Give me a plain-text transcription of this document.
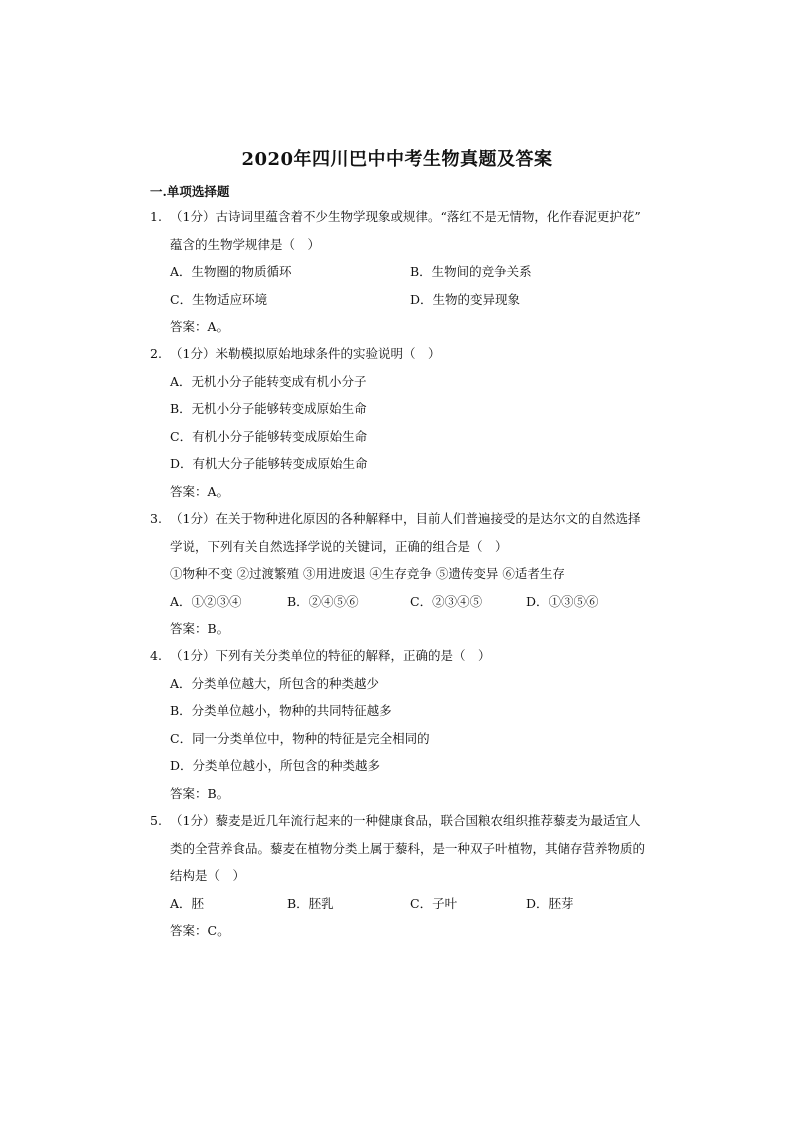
2020年四川巴中中考生物真题及答案
一.单项选择题
1. （1分）古诗词里蕴含着不少生物学现象或规律。“落红不是无情物，化作春泥更护花”
蕴含的生物学规律是（　）
A．生物圈的物质循环	B．生物间的竞争关系
C．生物适应环境	D．生物的变异现象
答案：A。
2. （1分）米勒模拟原始地球条件的实验说明（　）
A．无机小分子能转变成有机小分子
B．无机小分子能够转变成原始生命
C．有机小分子能够转变成原始生命
D．有机大分子能够转变成原始生命
答案：A。
3. （1分）在关于物种进化原因的各种解释中，目前人们普遍接受的是达尔文的自然选择
学说，下列有关自然选择学说的关键词，正确的组合是（　）
①物种不变 ②过渡繁殖 ③用进废退 ④生存竞争 ⑤遗传变异 ⑥适者生存
A．①②③④	B．②④⑤⑥	C．②③④⑤	D．①③⑤⑥
答案：B。
4. （1分）下列有关分类单位的特征的解释，正确的是（　）
A．分类单位越大，所包含的种类越少
B．分类单位越小，物种的共同特征越多
C．同一分类单位中，物种的特征是完全相同的
D．分类单位越小，所包含的种类越多
答案：B。
5. （1分）藜麦是近几年流行起来的一种健康食品，联合国粮农组织推荐藜麦为最适宜人
类的全营养食品。藜麦在植物分类上属于藜科，是一种双子叶植物，其储存营养物质的
结构是（　）
A．胚	B．胚乳	C．子叶	D．胚芽
答案：C。
